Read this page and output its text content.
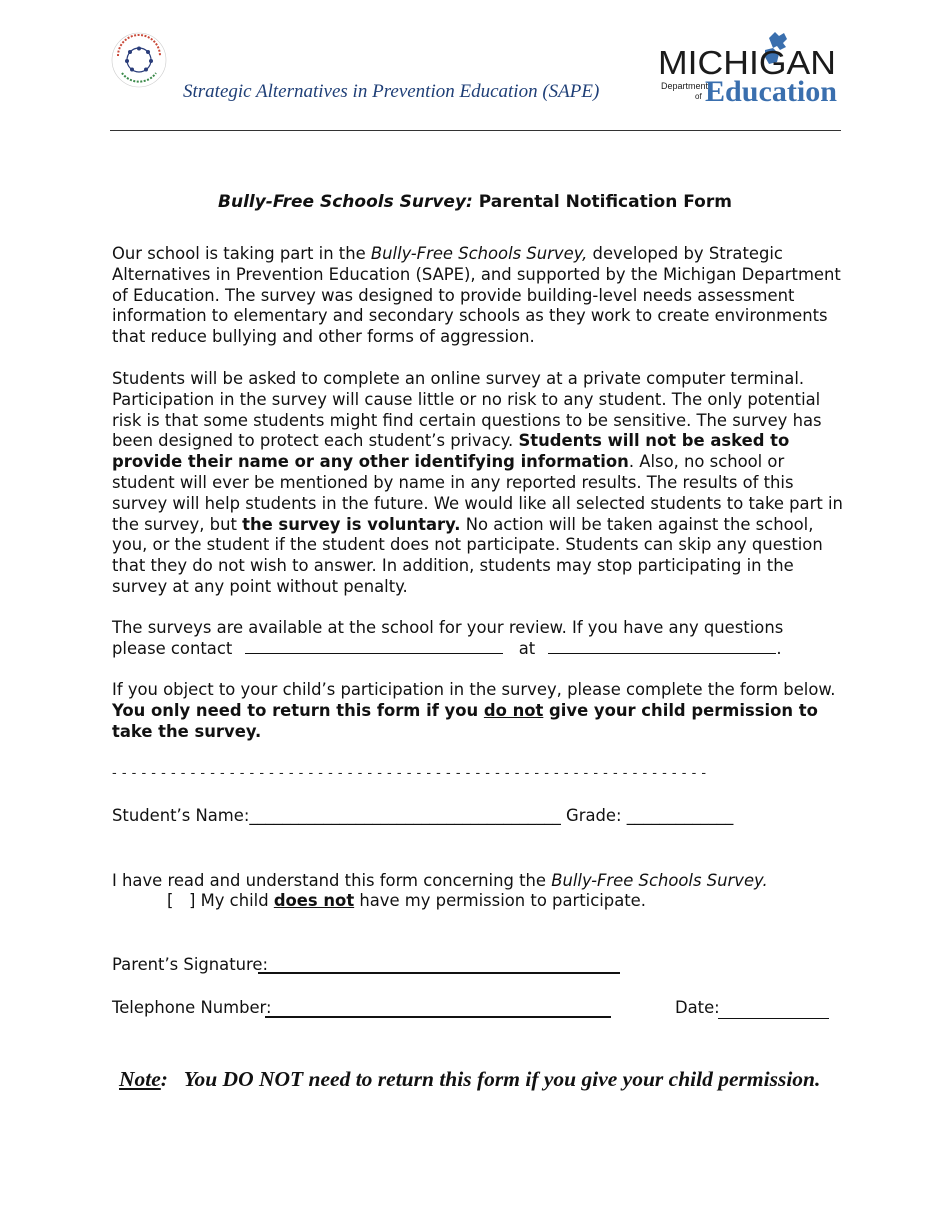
Strategic Alternatives in Prevention Education (SAPE)
MICHIGAN
Department
of Education
Bully-Free Schools Survey: Parental Notification Form
Our school is taking part in the Bully-Free Schools Survey, developed by Strategic Alternatives in Prevention Education (SAPE), and supported by the Michigan Department of Education. The survey was designed to provide building-level needs assessment information to elementary and secondary schools as they work to create environments that reduce bullying and other forms of aggression.
Students will be asked to complete an online survey at a private computer terminal. Participation in the survey will cause little or no risk to any student. The only potential risk is that some students might find certain questions to be sensitive. The survey has been designed to protect each student’s privacy. Students will not be asked to provide their name or any other identifying information. Also, no school or student will ever be mentioned by name in any reported results. The results of this survey will help students in the future. We would like all selected students to take part in the survey, but the survey is voluntary. No action will be taken against the school, you, or the student if the student does not participate. Students can skip any question that they do not wish to answer. In addition, students may stop participating in the survey at any point without penalty.
The surveys are available at the school for your review. If you have any questions
please contact	at	.
If you object to your child’s participation in the survey, please complete the form below. You only need to return this form if you do not give your child permission to take the survey.
- - - - - - - - - - - - - - - - - - - - - - - - - - - - - - - - - - - - - - - - - - - - - - - - - - - - - - - - - - - - -
Student’s Name:______________________________________ Grade: _____________
I have read and understand this form concerning the Bully-Free Schools Survey.
[   ] My child does not have my permission to participate.
Parent’s Signature:
Telephone Number:	Date:
Note:   You DO NOT need to return this form if you give your child permission.
